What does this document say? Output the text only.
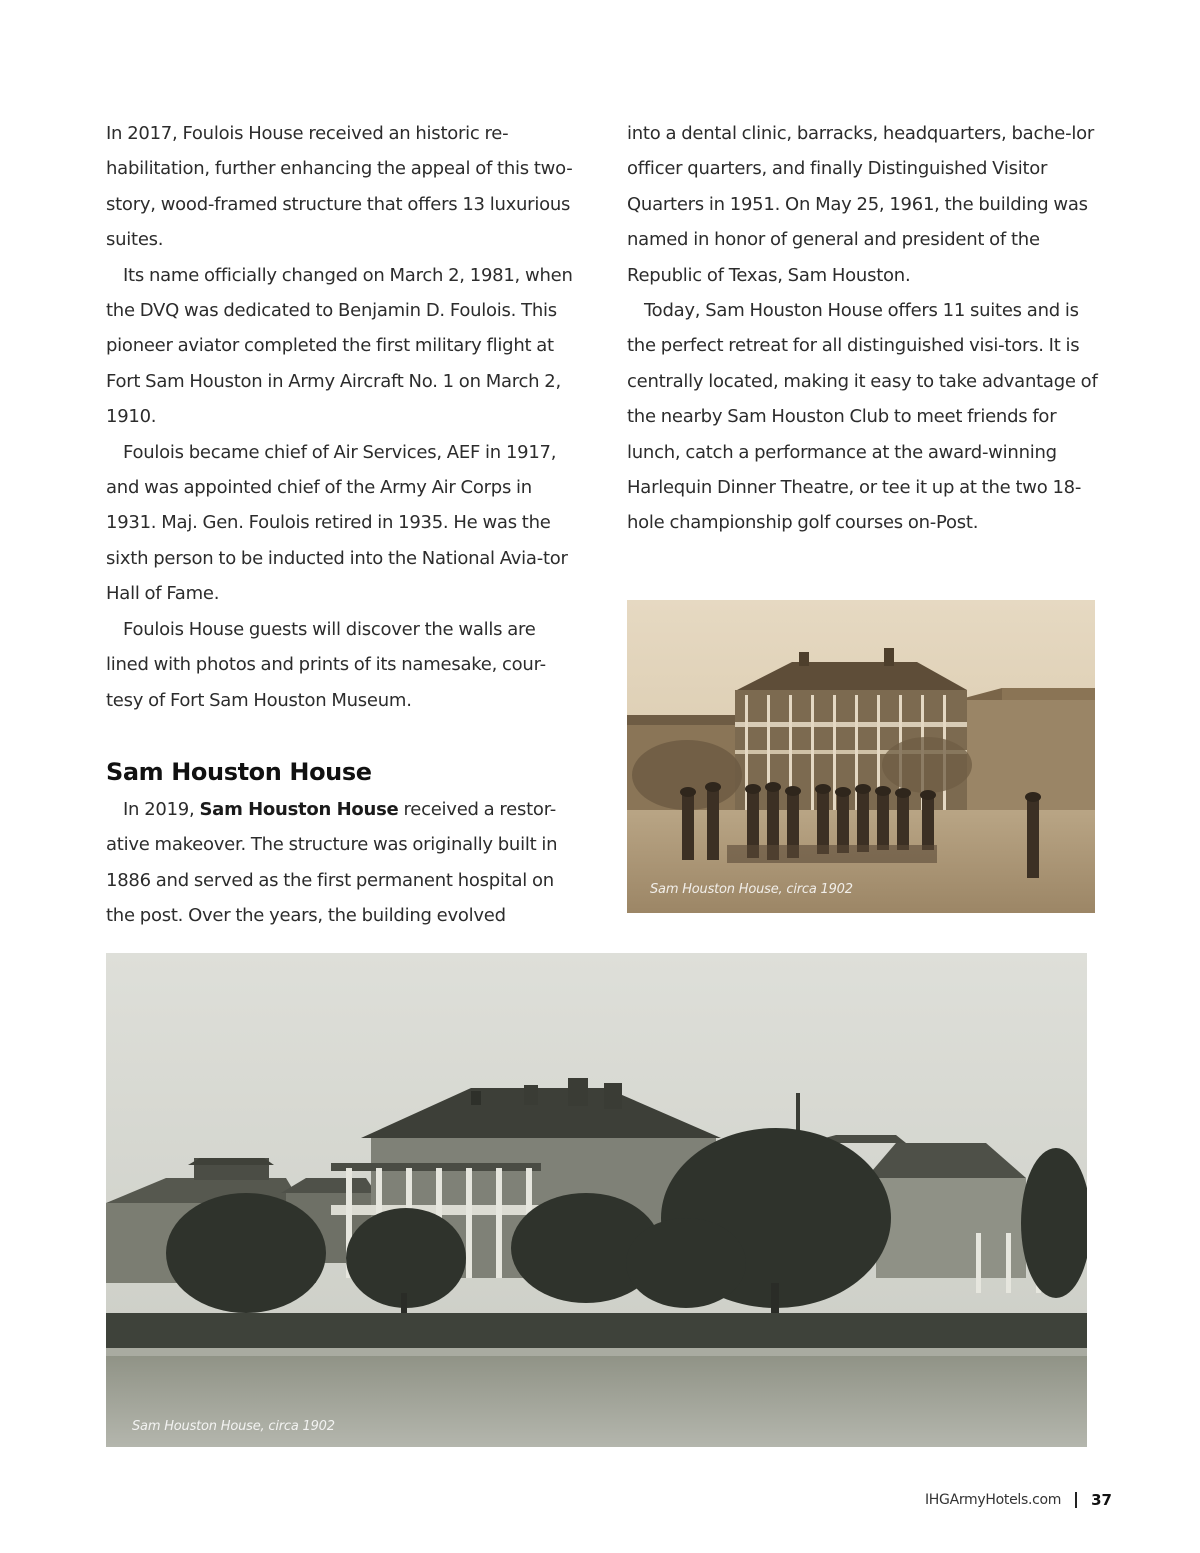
In 2017, Foulois House received an historic re-habilitation, further enhancing the appeal of this two-story, wood-framed structure that offers 13 luxurious suites.

Its name officially changed on March 2, 1981, when the DVQ was dedicated to Benjamin D. Foulois. This pioneer aviator completed the first military flight at Fort Sam Houston in Army Aircraft No. 1 on March 2, 1910.

Foulois became chief of Air Services, AEF in 1917, and was appointed chief of the Army Air Corps in 1931. Maj. Gen. Foulois retired in 1935. He was the sixth person to be inducted into the National Avia-tor Hall of Fame.

Foulois House guests will discover the walls are lined with photos and prints of its namesake, cour-tesy of Fort Sam Houston Museum.

Sam Houston House

In 2019, Sam Houston House received a restor-ative makeover. The structure was originally built in 1886 and served as the first permanent hospital on the post. Over the years, the building evolved

into a dental clinic, barracks, headquarters, bache-lor officer quarters, and finally Distinguished Visitor Quarters in 1951. On May 25, 1961, the building was named in honor of general and president of the Republic of Texas, Sam Houston.

Today, Sam Houston House offers 11 suites and is the perfect retreat for all distinguished visi-tors. It is centrally located, making it easy to take advantage of the nearby Sam Houston Club to meet friends for lunch, catch a performance at the award-winning Harlequin Dinner Theatre, or tee it up at the two 18-hole championship golf courses on-Post.

Sam Houston House, circa 1902
Sam Houston House, circa 1902
IHGArmyHotels.com 37
